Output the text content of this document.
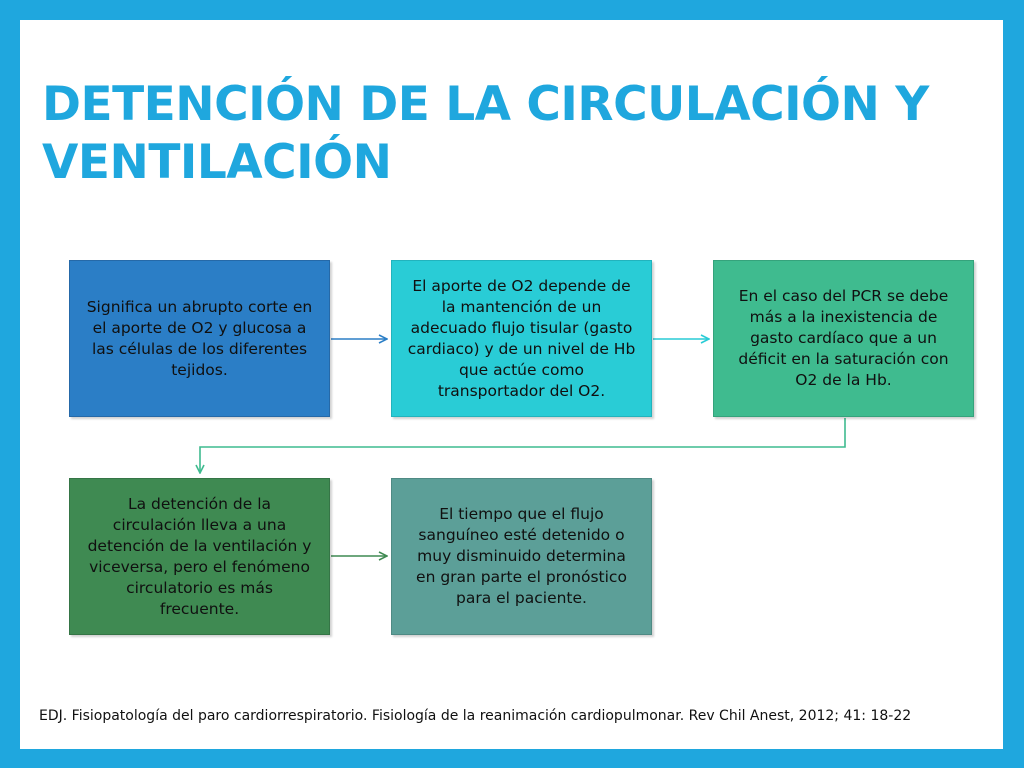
DETENCIÓN DE LA CIRCULACIÓN Y VENTILACIÓN
Significa un abrupto corte en el aporte de O2 y glucosa a las células de los diferentes tejidos.
El aporte de O2 depende de la mantención de un adecuado flujo tisular (gasto cardiaco) y de un nivel de Hb que actúe como transportador del O2.
En el caso del PCR se debe más a la inexistencia de gasto cardíaco que a un déficit en la saturación con O2 de la Hb.
La detención de la circulación lleva a una detención de la ventilación y viceversa, pero el fenómeno circulatorio es más frecuente.
El tiempo que el flujo sanguíneo esté detenido o muy disminuido determina en gran parte el pronóstico para el paciente.

EDJ. Fisiopatología del paro cardiorrespiratorio. Fisiología de la reanimación cardiopulmonar. Rev Chil Anest, 2012; 41: 18-22
